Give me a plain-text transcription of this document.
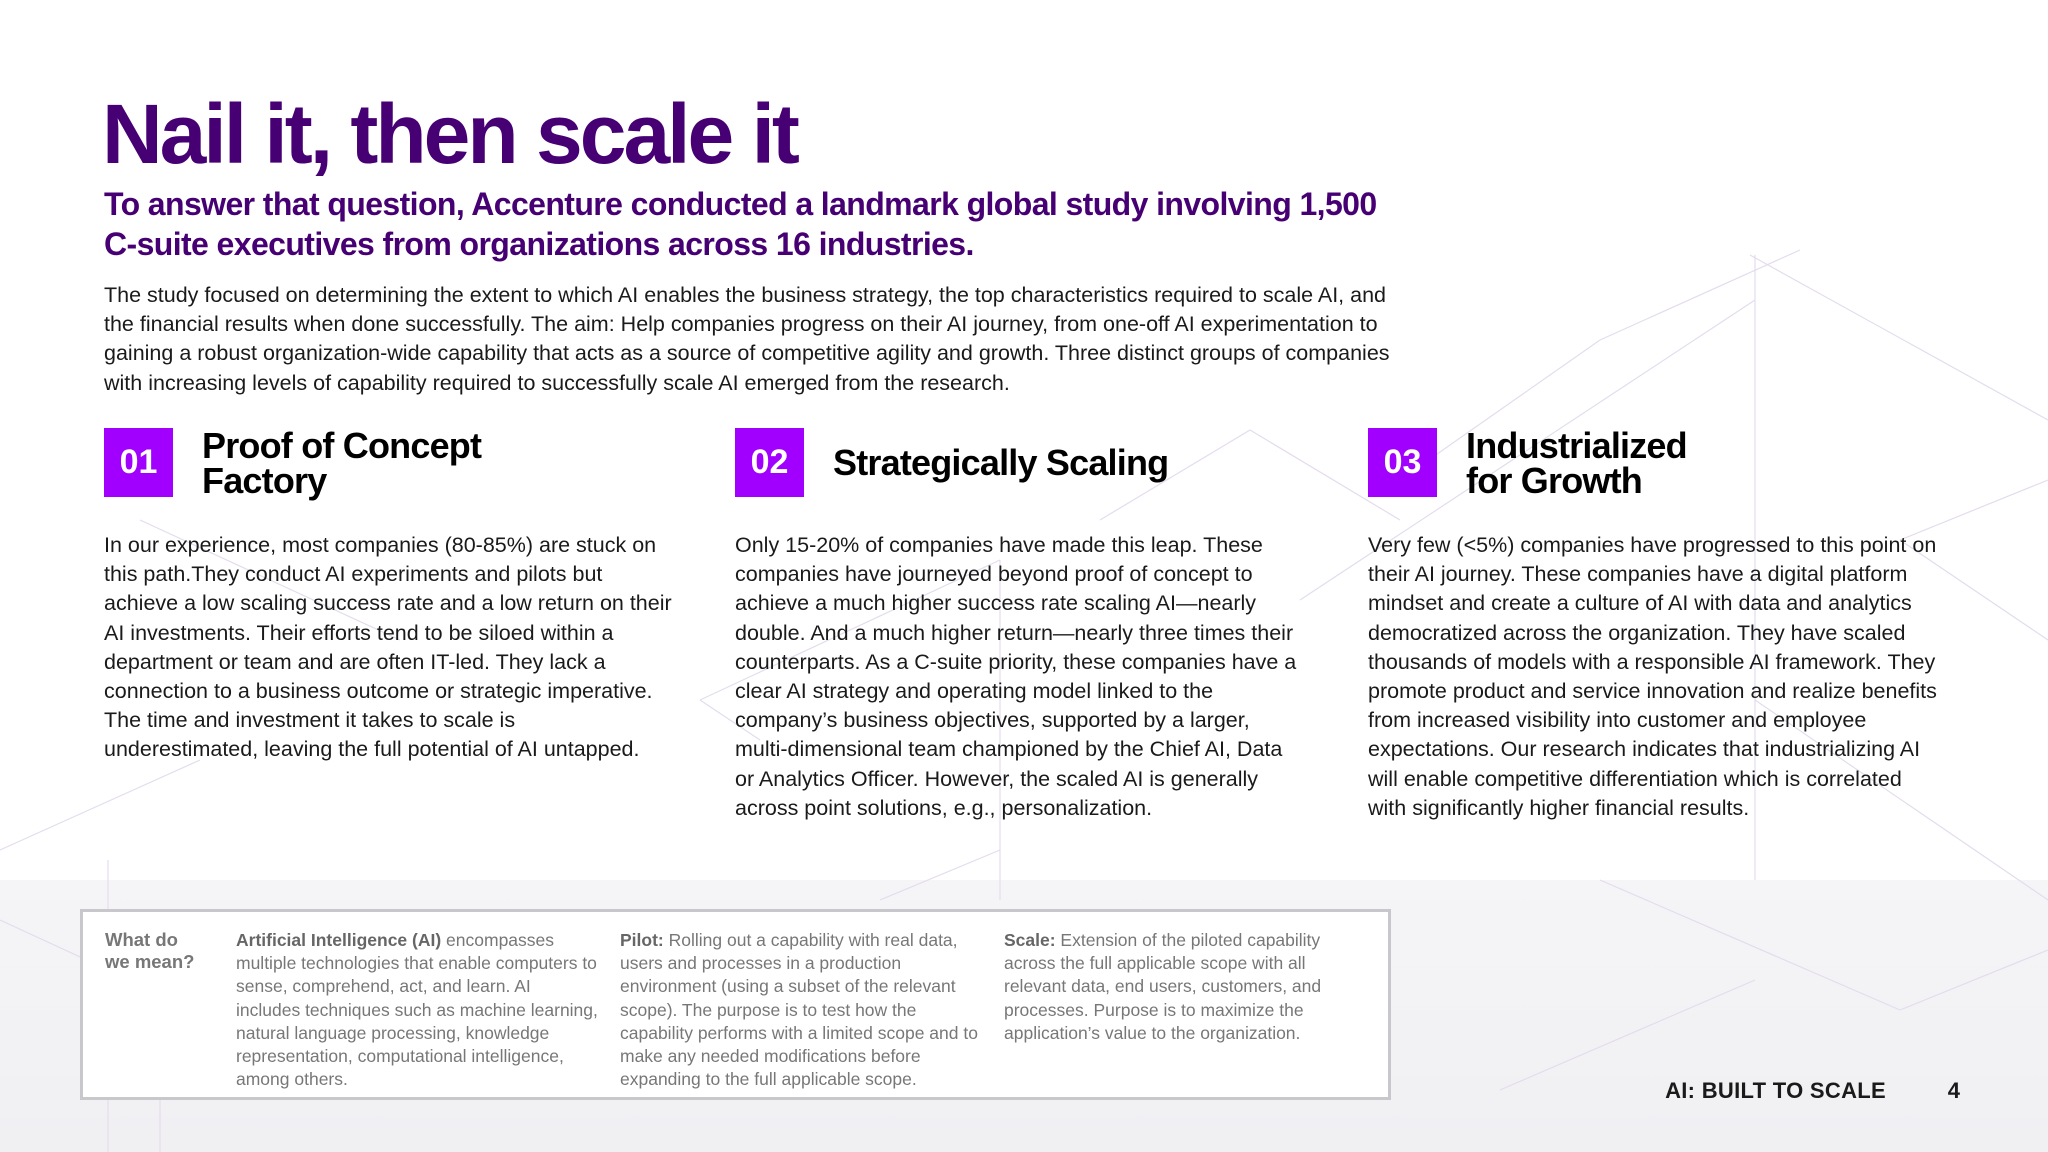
Nail it, then scale it
To answer that question, Accenture conducted a landmark global study involving 1,500 C-suite executives from organizations across 16 industries.

The study focused on determining the extent to which AI enables the business strategy, the top characteristics required to scale AI, and the financial results when done successfully. The aim: Help companies progress on their AI journey, from one-off AI experimentation to gaining a robust organization-wide capability that acts as a source of competitive agility and growth. Three distinct groups of companies with increasing levels of capability required to successfully scale AI emerged from the research.

01	Proof of Concept
Factory

In our experience, most companies (80-85%) are stuck on this path.They conduct AI experiments and pilots but achieve a low scaling success rate and a low return on their AI investments. Their efforts tend to be siloed within a department or team and are often IT-led. They lack a connection to a business outcome or strategic imperative. The time and investment it takes to scale is underestimated, leaving the full potential of AI untapped.

02	Strategically Scaling

Only 15-20% of companies have made this leap. These companies have journeyed beyond proof of concept to achieve a much higher success rate scaling AI—nearly double. And a much higher return—nearly three times their counterparts. As a C-suite priority, these companies have a clear AI strategy and operating model linked to the company’s business objectives, supported by a larger, multi-dimensional team championed by the Chief AI, Data or Analytics Officer. However, the scaled AI is generally across point solutions, e.g., personalization.

03	Industrialized
for Growth

Very few (<5%) companies have progressed to this point on their AI journey. These companies have a digital platform mindset and create a culture of AI with data and analytics democratized across the organization. They have scaled thousands of models with a responsible AI framework. They promote product and service innovation and realize benefits from increased visibility into customer and employee expectations. Our research indicates that industrializing AI will enable competitive differentiation which is correlated with significantly higher financial results.

What do we mean?

Artificial Intelligence (AI) encompasses multiple technologies that enable computers to sense, comprehend, act, and learn. AI includes techniques such as machine learning, natural language processing, knowledge representation, computational intelligence, among others.

Pilot: Rolling out a capability with real data, users and processes in a production environment (using a subset of the relevant scope). The purpose is to test how the capability performs with a limited scope and to make any needed modifications before expanding to the full applicable scope.

Scale: Extension of the piloted capability across the full applicable scope with all relevant data, end users, customers, and processes. Purpose is to maximize the application’s value to the organization.

AI: BUILT TO SCALE	4
